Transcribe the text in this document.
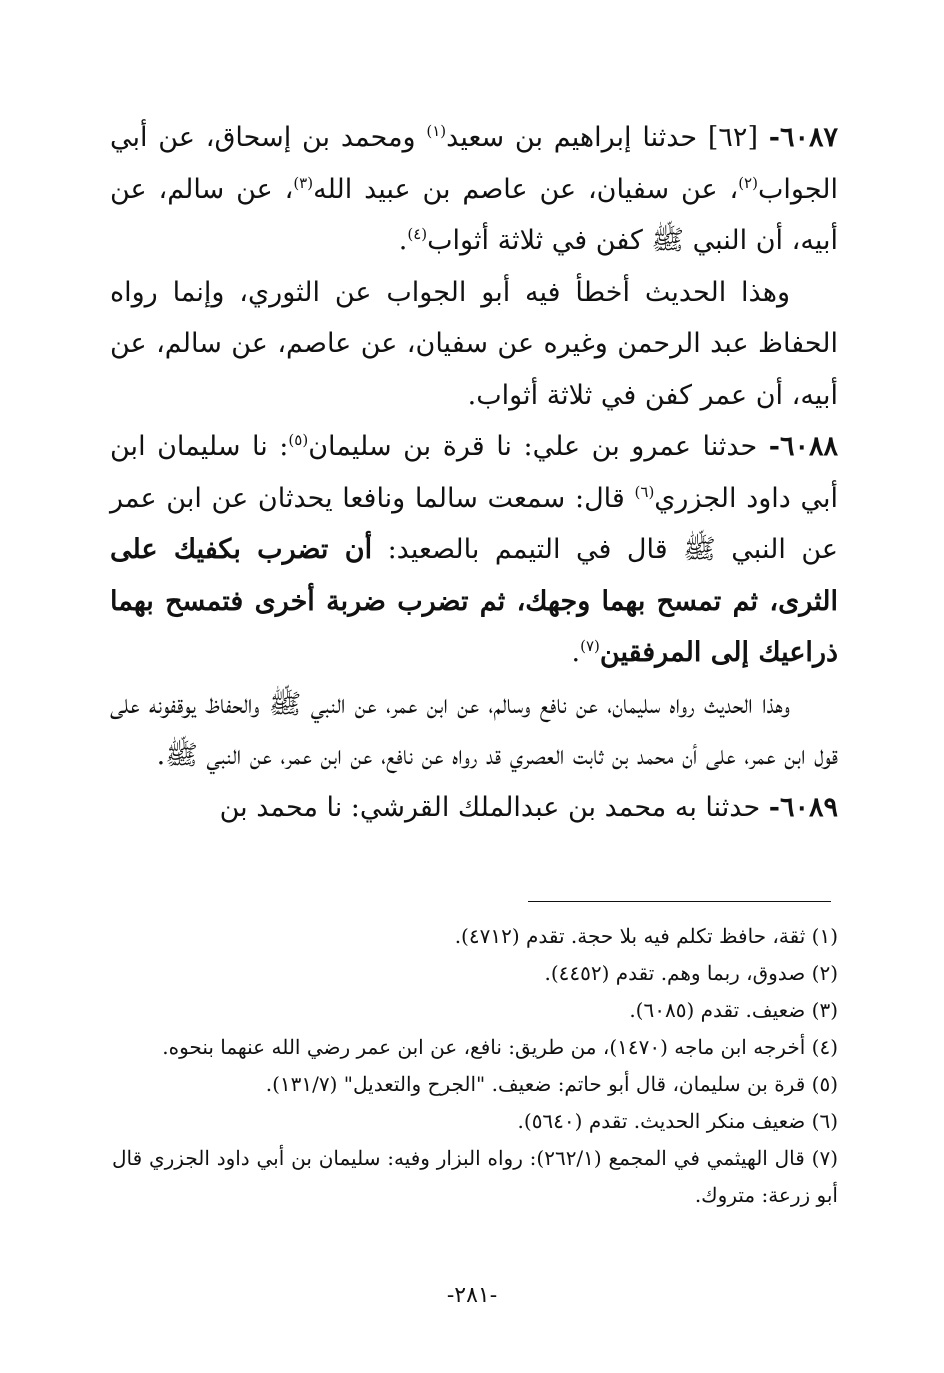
٦٠٨٧- [٦٢] حدثنا إبراهيم بن سعيد$^{(١)}$ ومحمد بن إسحاق، عن أبي الجواب$^{(٢)}$، عن سفيان، عن عاصم بن عبيد الله$^{(٣)}$، عن سالم، عن أبيه، أن النبي ﷺ كفن في ثلاثة أثواب$^{(٤)}$.

وهذا الحديث أخطأ فيه أبو الجواب عن الثوري، وإنما رواه الحفاظ عبد الرحمن وغيره عن سفيان، عن عاصم، عن سالم، عن أبيه، أن عمر كفن في ثلاثة أثواب.

٦٠٨٨- حدثنا عمرو بن علي: نا قرة بن سليمان$^{(٥)}$: نا سليمان ابن أبي داود الجزري$^{(٦)}$ قال: سمعت سالما ونافعا يحدثان عن ابن عمر عن النبي ﷺ قال في التيمم بالصعيد: أن تضرب بكفيك على الثرى، ثم تمسح بهما وجهك، ثم تضرب ضربة أخرى فتمسح بهما ذراعيك إلى المرفقين$^{(٧)}$.

وهذا الحديث رواه سليمان، عن نافع وسالم، عن ابن عمر، عن النبي ﷺ والحفاظ يوقفونه على قول ابن عمر، على أن محمد بن ثابت العصري قد رواه عن نافع، عن ابن عمر، عن النبي ﷺ.

٦٠٨٩- حدثنا به محمد بن عبدالملك القرشي: نا محمد بن

(١) ثقة، حافظ تكلم فيه بلا حجة. تقدم (٤٧١٢).

(٢) صدوق، ربما وهم. تقدم (٤٤٥٢).

(٣) ضعيف. تقدم (٦٠٨٥).

(٤) أخرجه ابن ماجه (١٤٧٠)، من طريق: نافع، عن ابن عمر رضي الله عنهما بنحوه.

(٥) قرة بن سليمان، قال أبو حاتم: ضعيف. "الجرح والتعديل" (١٣١/٧).

(٦) ضعيف منكر الحديث. تقدم (٥٦٤٠).

(٧) قال الهيثمي في المجمع (٢٦٢/١): رواه البزار وفيه: سليمان بن أبي داود الجزري قال أبو زرعة: متروك.

-٢٨١-
